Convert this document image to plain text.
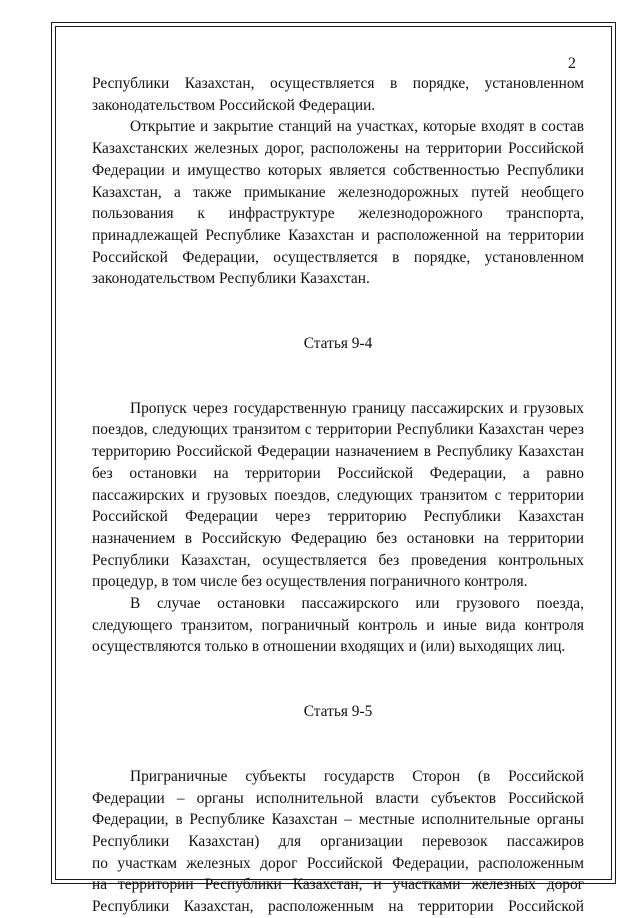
2

Республики Казахстан, осуществляется в порядке, установленном
законодательством Российской Федерации.

Открытие и закрытие станций на участках, которые входят в состав
Казахстанских железных дорог, расположены на территории Российской
Федерации и имущество которых является собственностью Республики
Казахстан, а также примыкание железнодорожных путей необщего
пользования к инфраструктуре железнодорожного транспорта,
принадлежащей Республике Казахстан и расположенной на территории
Российской Федерации, осуществляется в порядке, установленном
законодательством Республики Казахстан.

Статья 9-4

Пропуск через государственную границу пассажирских и грузовых
поездов, следующих транзитом с территории Республики Казахстан через
территорию Российской Федерации назначением в Республику Казахстан
без остановки на территории Российской Федерации, а равно
пассажирских и грузовых поездов, следующих транзитом с территории
Российской Федерации через территорию Республики Казахстан
назначением в Российскую Федерацию без остановки на территории
Республики Казахстан, осуществляется без проведения контрольных
процедур, в том числе без осуществления пограничного контроля.

В случае остановки пассажирского или грузового поезда,
следующего транзитом, пограничный контроль и иные вида контроля
осуществляются только в отношении входящих и (или) выходящих лиц.

Статья 9-5

Приграничные субъекты государств Сторон (в Российской
Федерации – органы исполнительной власти субъектов Российской
Федерации, в Республике Казахстан – местные исполнительные органы
Республики Казахстан) для организации перевозок пассажиров
по участкам железных дорог Российской Федерации, расположенным
на территории Республики Казахстан, и участками железных дорог
Республики Казахстан, расположенным на территории Российской
